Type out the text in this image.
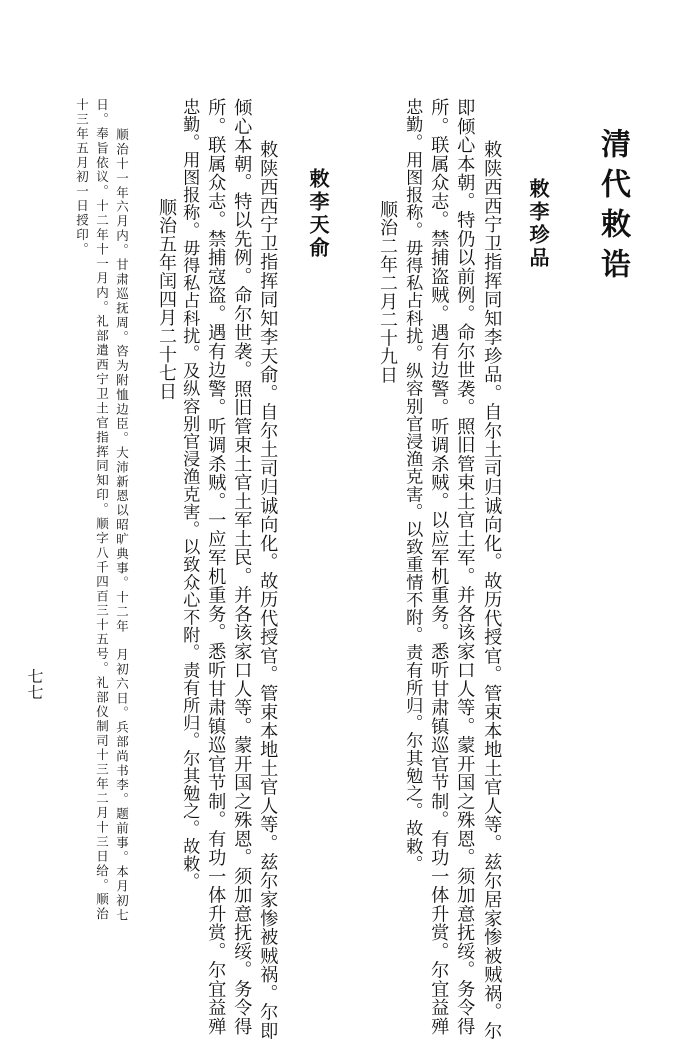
清代敕诰
敕李珍品
敕陕西西宁卫指挥同知李珍品。自尔土司归诚向化。故历代授官。管束本地土官人等。兹尔居家惨被贼祸。尔
即倾心本朝。特仍以前例。命尔世袭。照旧管束土官土军。并各该家口人等。蒙开国之殊恩。须加意抚绥。务令得
所。联属众志。禁捕盗贼。遇有边警。听调杀贼。以应军机重务。悉听甘肃镇巡官节制。有功一体升赏。尔宜益殚
忠勤。用图报称。毋得私占科扰。纵容别官浸渔克害。以致重情不附。责有所归。尔其勉之。故敕。
顺治二年二月二十九日
敕李天俞
敕陕西西宁卫指挥同知李天俞。自尔土司归诚向化。故历代授官。管束本地土官人等。兹尔家惨被贼祸。尔即
倾心本朝。特以先例。命尔世袭。照旧管束土官土军土民。并各该家口人等。蒙开国之殊恩。须加意抚绥。务令得
所。联属众志。禁捕寇盗。遇有边警。听调杀贼。一应军机重务。悉听甘肃镇巡官节制。有功一体升赏。尔宜益殚
忠勤。用图报称。毋得私占科扰。及纵容别官浸渔克害。以致众心不附。责有所归。尔其勉之。故敕。
顺治五年闰四月二十七日
顺治十一年六月内。甘肃巡抚周。咨为附恤边臣。大沛新恩以昭旷典事。十二年　月初六日。兵部尚书李。题前事。本月初七
日。奉旨依议。十二年十一月内。礼部遣西宁卫土官指挥同知印。顺字八千四百三十五号。礼部仪制司十三年二月十三日给。顺治
十三年五月初一日授印。
七七
